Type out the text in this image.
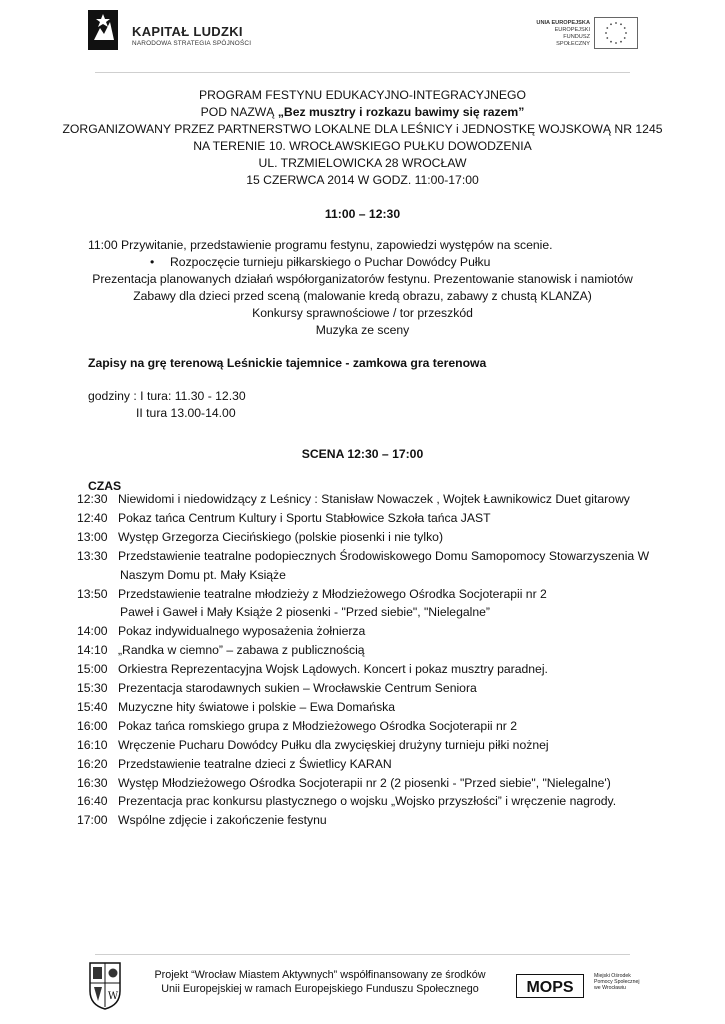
KAPITAŁ LUDZKI
NARODOWA STRATEGIA SPÓJNOŚCI
UNIA EUROPEJSKA
EUROPEJSKI
FUNDUSZ SPOŁECZNY
PROGRAM FESTYNU EDUKACYJNO-INTEGRACYJNEGO
POD NAZWĄ „Bez musztry i rozkazu bawimy się razem”
ZORGANIZOWANY PRZEZ PARTNERSTWO LOKALNE DLA LEŚNICY i JEDNOSTKĘ WOJSKOWĄ NR 1245
NA TERENIE 10. WROCŁAWSKIEGO PUŁKU DOWODZENIA
UL. TRZMIELOWICKA 28 WROCŁAW
15 CZERWCA 2014 W GODZ. 11:00-17:00
11:00 – 12:30
11:00 Przywitanie, przedstawienie programu festynu, zapowiedzi występów na scenie.
• Rozpoczęcie turnieju piłkarskiego o Puchar Dowódcy Pułku
Prezentacja planowanych działań współorganizatorów festynu. Prezentowanie stanowisk i namiotów
Zabawy dla dzieci przed sceną (malowanie kredą obrazu, zabawy z chustą KLANZA)
Konkursy sprawnościowe / tor przeszkód
Muzyka ze sceny
Zapisy na grę terenową Leśnickie tajemnice - zamkowa gra terenowa
godziny : I tura: 11.30 - 12.30
II tura 13.00-14.00
SCENA 12:30 – 17:00
CZAS
12:30 Niewidomi i niedowidzący z Leśnicy : Stanisław Nowaczek , Wojtek Ławnikowicz Duet gitarowy
12:40 Pokaz tańca Centrum Kultury i Sportu Stabłowice Szkoła tańca JAST
13:00 Występ Grzegorza Cieciński​ego (polskie piosenki i nie tylko)
13:30 Przedstawienie teatralne podopiecznych Środowiskowego Domu Samopomocy Stowarzyszenia W
Naszym Domu pt. Mały Książe
13:50 Przedstawienie teatralne młodzieży z Młodzieżowego Ośrodka Socjoterapii nr 2
Paweł i Gaweł i Mały Książe 2 piosenki - "Przed siebie", "Nielegalne”
14:00 Pokaz indywidualnego wyposażenia żołnierza
14:10 „Randka w ciemno” – zabawa z publicznością
15:00 Orkiestra Reprezentacyjna Wojsk Lądowych. Koncert i pokaz musztry paradnej.
15:30 Prezentacja starodawnych sukien – Wrocławskie Centrum Seniora
15:40 Muzyczne hity światowe i polskie – Ewa Domańska
16:00 Pokaz tańca romskiego grupa z Młodzieżowego Ośrodka Socjoterapii nr 2
16:10 Wręczenie Pucharu Dowódcy Pułku dla zwycięskiej drużyny turnieju piłki nożnej
16:20 Przedstawienie teatralne dzieci z Świetlicy KARAN
16:30 Występ Młodzieżowego Ośrodka Socjoterapii nr 2 (2 piosenki - "Przed siebie", "Nielegalne')
16:40 Prezentacja prac konkursu plastycznego o wojsku „Wojsko przyszłości” i wręczenie nagrody.
17:00 Wspólne zdjęcie i zakończenie festynu
W
Projekt “Wrocław Miastem Aktywnych” współfinansowany ze środków
Unii Europejskiej w ramach Europejskiego Funduszu Społecznego	MOPS
Miejski Ośrodek
Pomocy Społecznej
we Wrocławiu
